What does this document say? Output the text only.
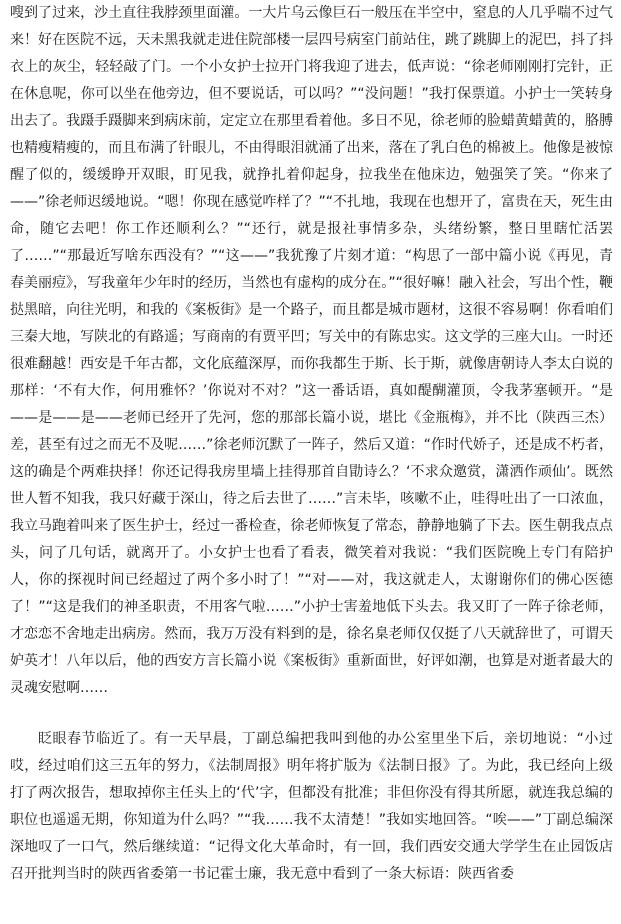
嗖到了过来，沙土直往我脖颈里面灌。一大片乌云像巨石一般压在半空中，窒息的人几乎喘不过气来！好在医院不远，天未黑我就走进住院部楼一层四号病室门前站住，跳了跳脚上的泥巴，抖了抖衣上的灰尘，轻轻敲了门。一个小女护士拉开门将我迎了进去，低声说：“徐老师刚刚打完针，正在休息呢，你可以坐在他旁边，但不要说话，可以吗？”“没问题！”我打保票道。小护士一笑转身出去了。我蹑手蹑脚来到病床前，定定立在那里看着他。多日不见，徐老师的脸蜡黄蜡黄的，胳膊也精瘦精瘦的，而且布满了针眼儿，不由得眼泪就涌了出来，落在了乳白色的棉被上。他像是被惊醒了似的，缓缓睁开双眼，盯见我，就挣扎着仰起身，拉我坐在他床边，勉强笑了笑。“你来了——”徐老师迟缓地说。“嗯！你现在感觉咋样了？”“不扎地，我现在也想开了，富贵在天，死生由命，随它去吧！你工作还顺利么？”“还行，就是报社事情多杂，头绪纷繁，整日里瞎忙活罢了……”“那最近写啥东西没有？”“这——”我犹豫了片刻才道：“构思了一部中篇小说《再见，青春美丽痘》，写我童年少年时的经历，当然也有虚构的成分在。”“很好嘛！融入社会，写出个性，鞭挞黑暗，向往光明，和我的《案板街》是一个路子，而且都是城市题材，这很不容易啊！你看咱们三秦大地，写陕北的有路遥；写商南的有贾平凹；写关中的有陈忠实。这文学的三座大山。一时还很难翻越！西安是千年古都，文化底蕴深厚，而你我都生于斯、长于斯，就像唐朝诗人李太白说的那样：‘不有大作，何用雅怀？’你说对不对？”这一番话语，真如醍醐灌顶，令我茅塞顿开。“是——是——是——老师已经开了先河，您的那部长篇小说，堪比《金瓶梅》，并不比（陕西三杰）差，甚至有过之而无不及呢……”徐老师沉默了一阵子，然后又道：“作时代娇子，还是成不朽者，这的确是个两难抉择！你还记得我房里墙上挂得那首自勖诗么？‘不求众邀赏，潇洒作顽仙’。既然世人暂不知我，我只好藏于深山，待之后去世了……”言未毕，咳嗽不止，哇得吐出了一口浓血，我立马跑着叫来了医生护士，经过一番检查，徐老师恢复了常态，静静地躺了下去。医生朝我点点头，问了几句话，就离开了。小女护士也看了看表，微笑着对我说：“我们医院晚上专门有陪护人，你的探视时间已经超过了两个多小时了！”“对——对，我这就走人，太谢谢你们的佛心医德了！”“这是我们的神圣职责，不用客气啦……”小护士害羞地低下头去。我又盯了一阵子徐老师，才恋恋不舍地走出病房。然而，我万万没有料到的是，徐名臬老师仅仅挺了八天就辞世了，可谓天妒英才！八年以后，他的西安方言长篇小说《案板街》重新面世，好评如潮，也算是对逝者最大的灵魂安慰啊……

眨眼春节临近了。有一天早晨，丁副总编把我叫到他的办公室里坐下后，亲切地说：“小过哎，经过咱们这三五年的努力，《法制周报》明年将扩版为《法制日报》了。为此，我已经向上级打了两次报告，想取掉你主任头上的‘代’字，但都没有批准；非但你没有得其所愿，就连我总编的职位也遥遥无期，你知道为什么吗？”“我……我不太清楚！”我如实地回答。“唉——”丁副总编深深地叹了一口气，然后继续道：“记得文化大革命时，有一回，我们西安交通大学学生在止园饭店召开批判当时的陕西省委第一书记霍士廉，我无意中看到了一条大标语：陕西省委
